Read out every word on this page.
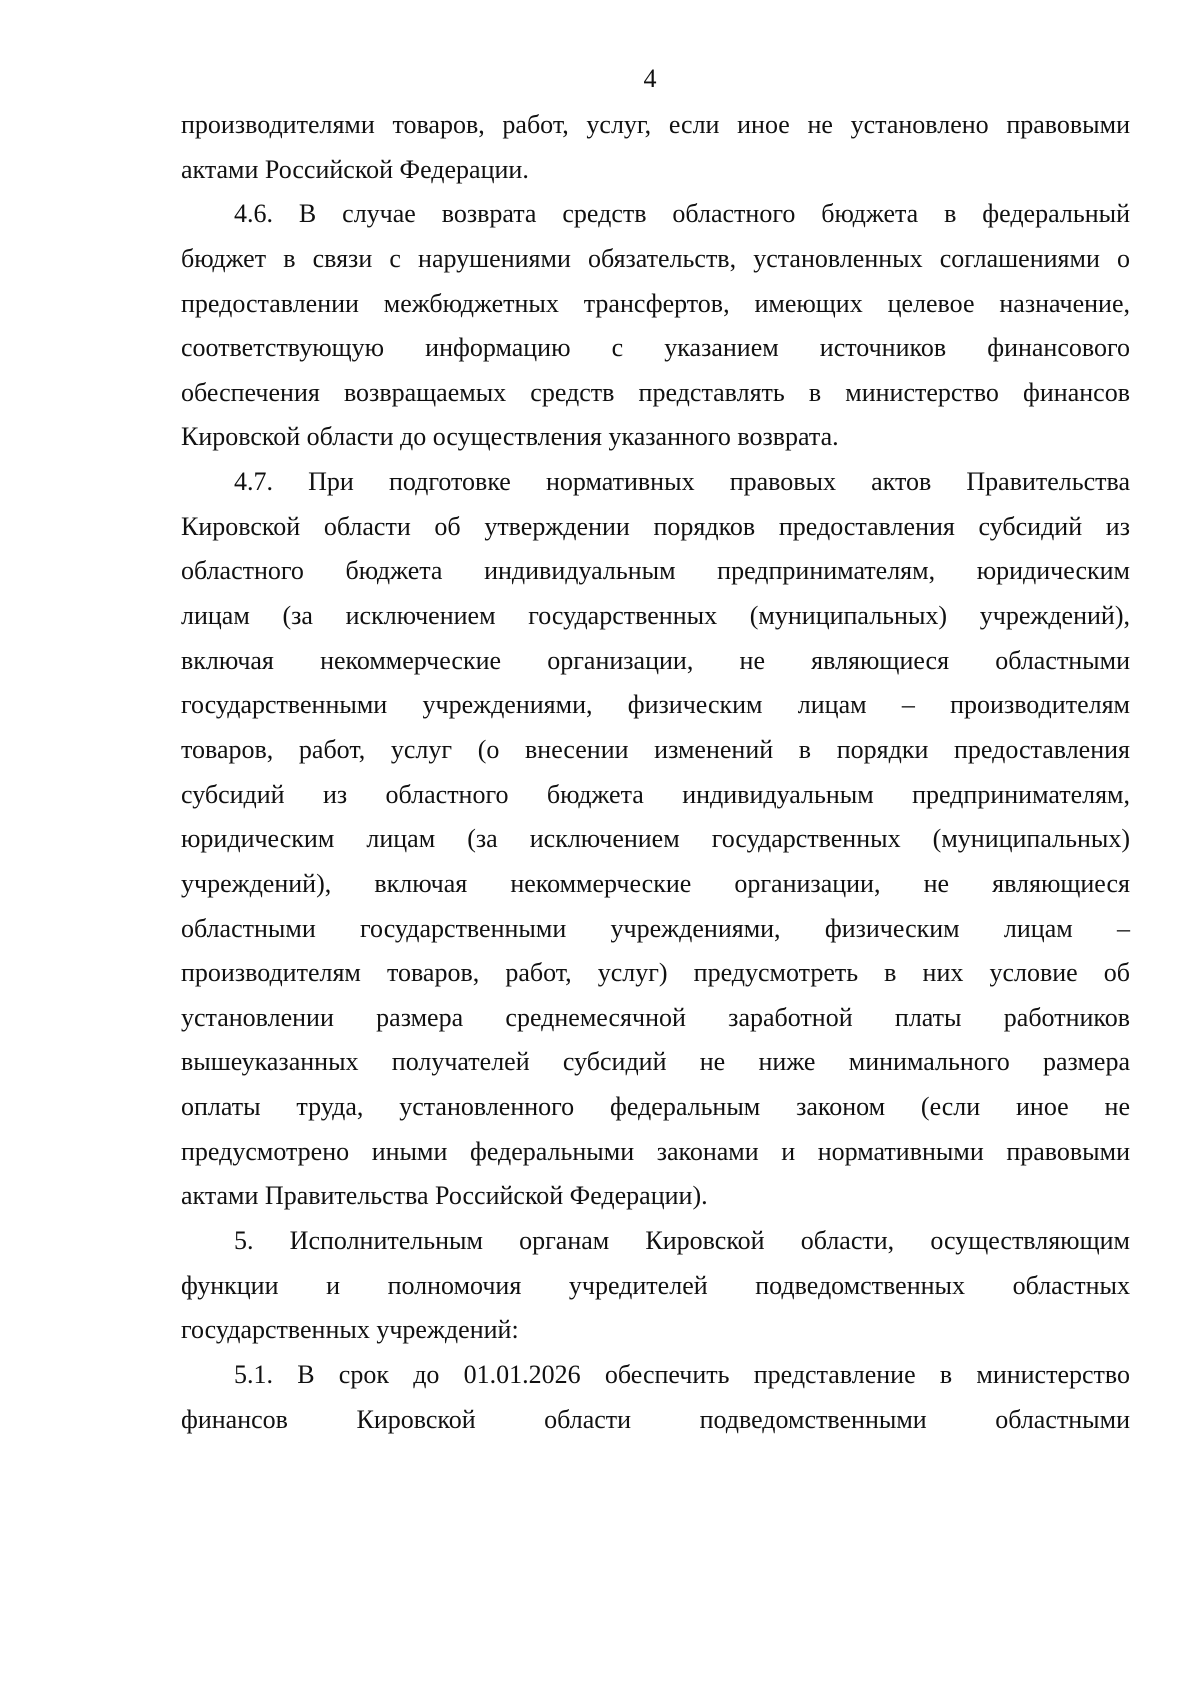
4
производителями товаров, работ, услуг, если иное не установлено правовыми
актами Российской Федерации.
4.6. В случае возврата средств областного бюджета в федеральный
бюджет в связи с нарушениями обязательств, установленных соглашениями о
предоставлении межбюджетных трансфертов, имеющих целевое назначение,
соответствующую информацию с указанием источников финансового
обеспечения возвращаемых средств представлять в министерство финансов
Кировской области до осуществления указанного возврата.
4.7. При подготовке нормативных правовых актов Правительства
Кировской области об утверждении порядков предоставления субсидий из
областного бюджета индивидуальным предпринимателям, юридическим
лицам (за исключением государственных (муниципальных) учреждений),
включая некоммерческие организации, не являющиеся областными
государственными учреждениями, физическим лицам – производителям
товаров, работ, услуг (о внесении изменений в порядки предоставления
субсидий из областного бюджета индивидуальным предпринимателям,
юридическим лицам (за исключением государственных (муниципальных)
учреждений), включая некоммерческие организации, не являющиеся
областными государственными учреждениями, физическим лицам –
производителям товаров, работ, услуг) предусмотреть в них условие об
установлении размера среднемесячной заработной платы работников
вышеуказанных получателей субсидий не ниже минимального размера
оплаты труда, установленного федеральным законом (если иное не
предусмотрено иными федеральными законами и нормативными правовыми
актами Правительства Российской Федерации).
5. Исполнительным органам Кировской области, осуществляющим
функции и полномочия учредителей подведомственных областных
государственных учреждений:
5.1. В срок до 01.01.2026 обеспечить представление в министерство
финансов Кировской области подведомственными областными
